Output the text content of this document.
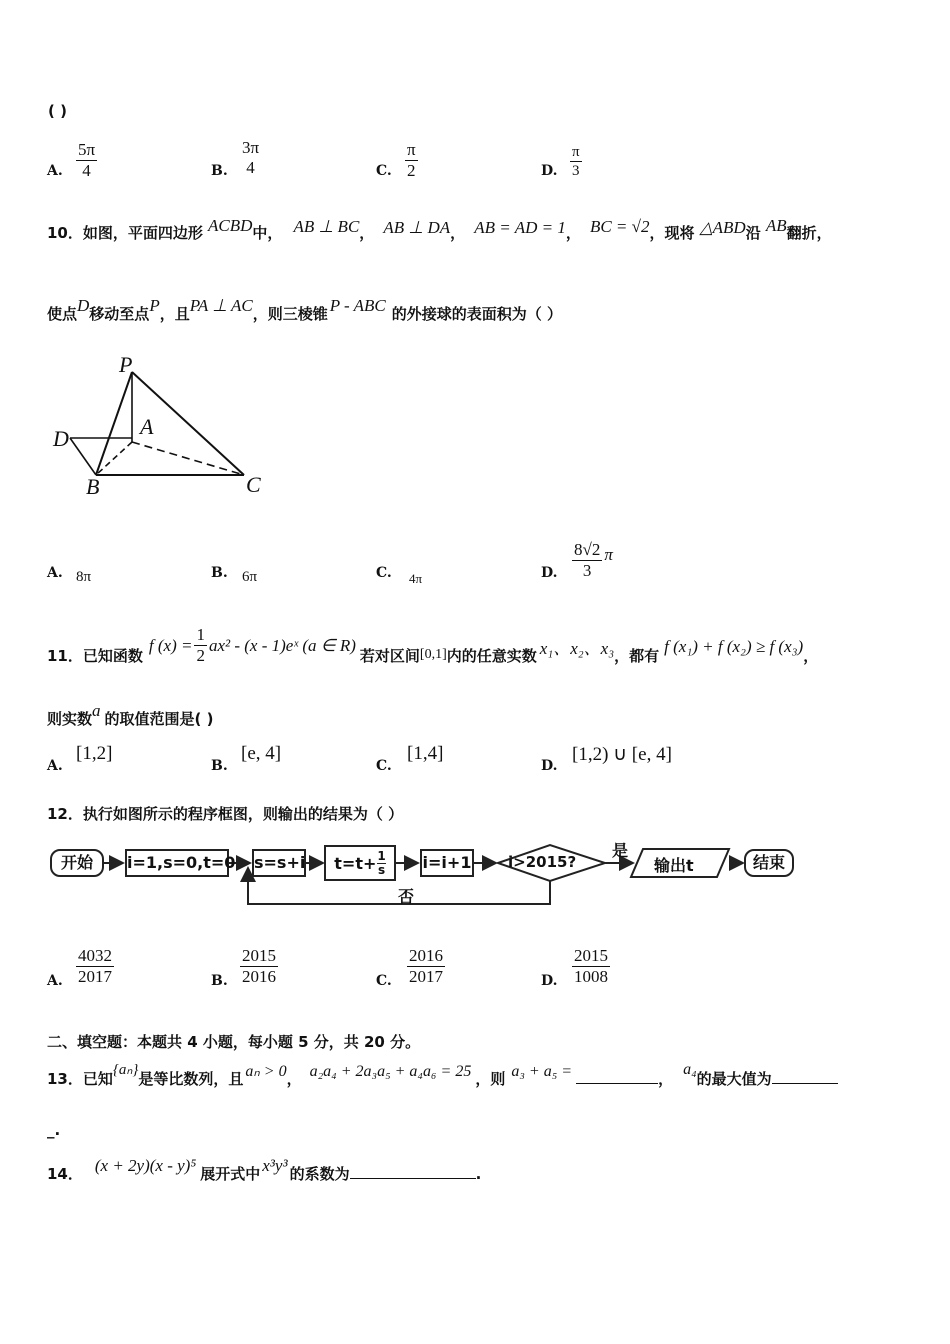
( )
A. $\frac{5\pi}{4}$	B.
3π
4	C. $\frac{\pi}{2}$	D. $\frac{\pi}{3}$
10．如图，平面四边形 ACBD中， AB ⊥ BC， AB ⊥ DA， AB = AD = 1， BC = √2，现将 △ABD沿 AB翻折，
使点D移动至点P，且PA ⊥ AC，则三棱锥 P - ABC 的外接球的表面积为（ ）
P
A
D
B	C
A. 8π	B. 6π	C. 4π	D. $\frac{8√2}{3}$ π
11． 已知函数
f $(x) = \frac{1}{2} ax^2 - (x$ - 1)eˣ (a ∈ R)
若对区间 [0,1] 内的任意实数 x₁、x₂、x₃ ，都有
f (x₁) + f (x₂) ≥ f (x₃)
，
则实数a 的取值范围是( )
A.
[1,2]
B.
[e, 4]
C.
[1,4]
D.
[1,2) ∪ [e, 4]
12．执行如图所示的程序框图，则输出的结果为（ ）
开始	i=1,s=0,t=0 s=s+i $t=t+ \frac{1}{s} i=i+1$ i>2015?
是
否
输出t	结束
A. $\frac{4032}{2017}$	B. $\frac{2015}{2016}$	C. $\frac{2016}{2017}$	D. $\frac{2015}{1008}$
二、填空题：本题共 4 小题，每小题 5 分，共 20 分。
13．已知{aₙ}是等比数列，且 aₙ > 0， a₂a₄ + 2a₃a₅ + a₄a₆ = 25 ，则 a₃ + a₅ =	，a₄的最大值为
_.
14． (x + 2y)(x - y)⁵ 展开式中 x³y³ 的系数为	.
